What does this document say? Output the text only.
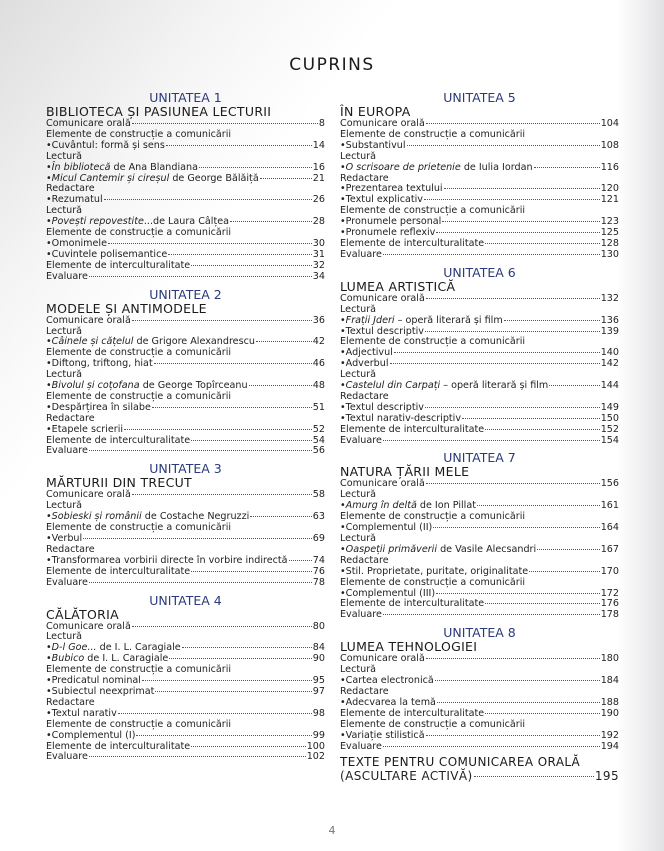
CUPRINS
UNITATEA 1
BIBLIOTECA ȘI PASIUNEA LECTURII
Comunicare orală	8
Elemente de construcție a comunicării
•Cuvântul: formă și sens	14
Lectură
•În bibliotecă de Ana Blandiana	16
•Micul Cantemir și cireșul de George Bălăiță	21
Redactare
•Rezumatul	26
Lectură
•Povești repovestite...de Laura Câlțea	28
Elemente de construcție a comunicării
•Omonimele	30
•Cuvintele polisemantice	31
Elemente de interculturalitate	32
Evaluare	34
UNITATEA 2
MODELE ȘI ANTIMODELE
Comunicare orală	36
Lectură
•Câinele și cățelul de Grigore Alexandrescu	42
Elemente de construcție a comunicării
•Diftong, triftong, hiat	46
Lectură
•Bivolul și coțofana de George Topîrceanu	48
Elemente de construcție a comunicării
•Despărțirea în silabe	51
Redactare
•Etapele scrierii	52
Elemente de interculturalitate	54
Evaluare	56
UNITATEA 3
MĂRTURII DIN TRECUT
Comunicare orală	58
Lectură
•Sobieski și românii de Costache Negruzzi	63
Elemente de construcție a comunicării
•Verbul	69
Redactare
•Transformarea vorbirii directe în vorbire indirectă	74
Elemente de interculturalitate	76
Evaluare	78
UNITATEA 4
CĂLĂTORIA
Comunicare orală	80
Lectură
•D-l Goe... de I. L. Caragiale	84
•Bubico de I. L. Caragiale	90
Elemente de construcție a comunicării
•Predicatul nominal	95
•Subiectul neexprimat	97
Redactare
•Textul narativ	98
Elemente de construcție a comunicării
•Complementul (I)	99
Elemente de interculturalitate	100
Evaluare	102
UNITATEA 5
ÎN EUROPA
Comunicare orală	104
Elemente de construcție a comunicării
•Substantivul	108
Lectură
•O scrisoare de prietenie de Iulia Iordan	116
Redactare
•Prezentarea textului	120
•Textul explicativ	121
Elemente de construcție a comunicării
•Pronumele personal	123
•Pronumele reflexiv	125
Elemente de interculturalitate	128
Evaluare	130
UNITATEA 6
LUMEA ARTISTICĂ
Comunicare orală	132
Lectură
•Frații Jderi – operă literară și film	136
•Textul descriptiv	139
Elemente de construcție a comunicării
•Adjectivul	140
•Adverbul	142
Lectură
•Castelul din Carpați – operă literară și film	144
Redactare
•Textul descriptiv	149
•Textul narativ-descriptiv	150
Elemente de interculturalitate	152
Evaluare	154
UNITATEA 7
NATURA ȚĂRII MELE
Comunicare orală	156
Lectură
•Amurg în deltă de Ion Pillat	161
Elemente de construcție a comunicării
•Complementul (II)	164
Lectură
•Oaspeții primăverii de Vasile Alecsandri	167
Redactare
•Stil. Proprietate, puritate, originalitate	170
Elemente de construcție a comunicării
•Complementul (III)	172
Elemente de interculturalitate	176
Evaluare	178
UNITATEA 8
LUMEA TEHNOLOGIEI
Comunicare orală	180
Lectură
•Cartea electronică	184
Redactare
•Adecvarea la temă	188
Elemente de interculturalitate	190
Elemente de construcție a comunicării
•Variație stilistică	192
Evaluare	194
TEXTE PENTRU COMUNICAREA ORALĂ
(ASCULTARE ACTIVĂ)	195
4
